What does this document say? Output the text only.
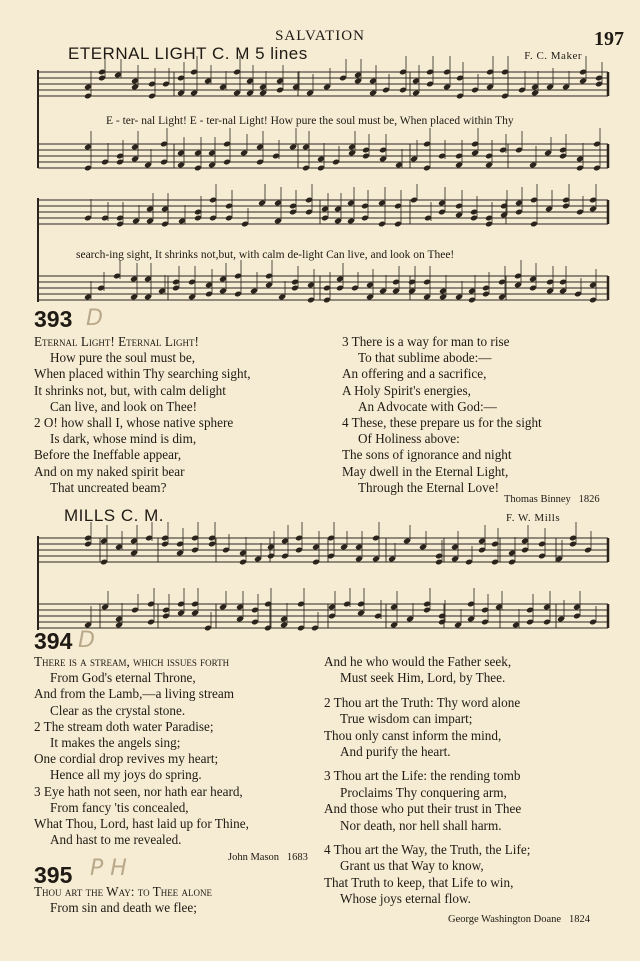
SALVATION	197
ETERNAL LIGHT C. M 5 lines	F. C. Maker
E - ter- nal Light! E - ter-nal Light! How pure the soul must be, When placed within Thy
search-ing sight, It shrinks not,but, with calm de-light Can live, and look on Thee!
393 D
Eternal Light! Eternal Light!
How pure the soul must be,
When placed within Thy searching sight,
It shrinks not, but, with calm delight
Can live, and look on Thee!
2 O! how shall I, whose native sphere
Is dark, whose mind is dim,
Before the Ineffable appear,
And on my naked spirit bear
That uncreated beam?
3 There is a way for man to rise
To that sublime abode:—
An offering and a sacrifice,
A Holy Spirit's energies,
An Advocate with God:—
4 These, these prepare us for the sight
Of Holiness above:
The sons of ignorance and night
May dwell in the Eternal Light,
Through the Eternal Love!
Thomas Binney 1826
MILLS C. M.	F. W. Mills
394 D
There is a stream, which issues forth
From God's eternal Throne,
And from the Lamb,—a living stream
Clear as the crystal stone.
2 The stream doth water Paradise;
It makes the angels sing;
One cordial drop revives my heart;
Hence all my joys do spring.
3 Eye hath not seen, nor hath ear heard,
From fancy 'tis concealed,
What Thou, Lord, hast laid up for Thine,
And hast to me revealed.
John Mason 1683
395 P H
Thou art the Way: to Thee alone
From sin and death we flee;
And he who would the Father seek,
Must seek Him, Lord, by Thee.
2 Thou art the Truth: Thy word alone
True wisdom can impart;
Thou only canst inform the mind,
And purify the heart.
3 Thou art the Life: the rending tomb
Proclaims Thy conquering arm,
And those who put their trust in Thee
Nor death, nor hell shall harm.
4 Thou art the Way, the Truth, the Life;
Grant us that Way to know,
That Truth to keep, that Life to win,
Whose joys eternal flow.
George Washington Doane 1824
